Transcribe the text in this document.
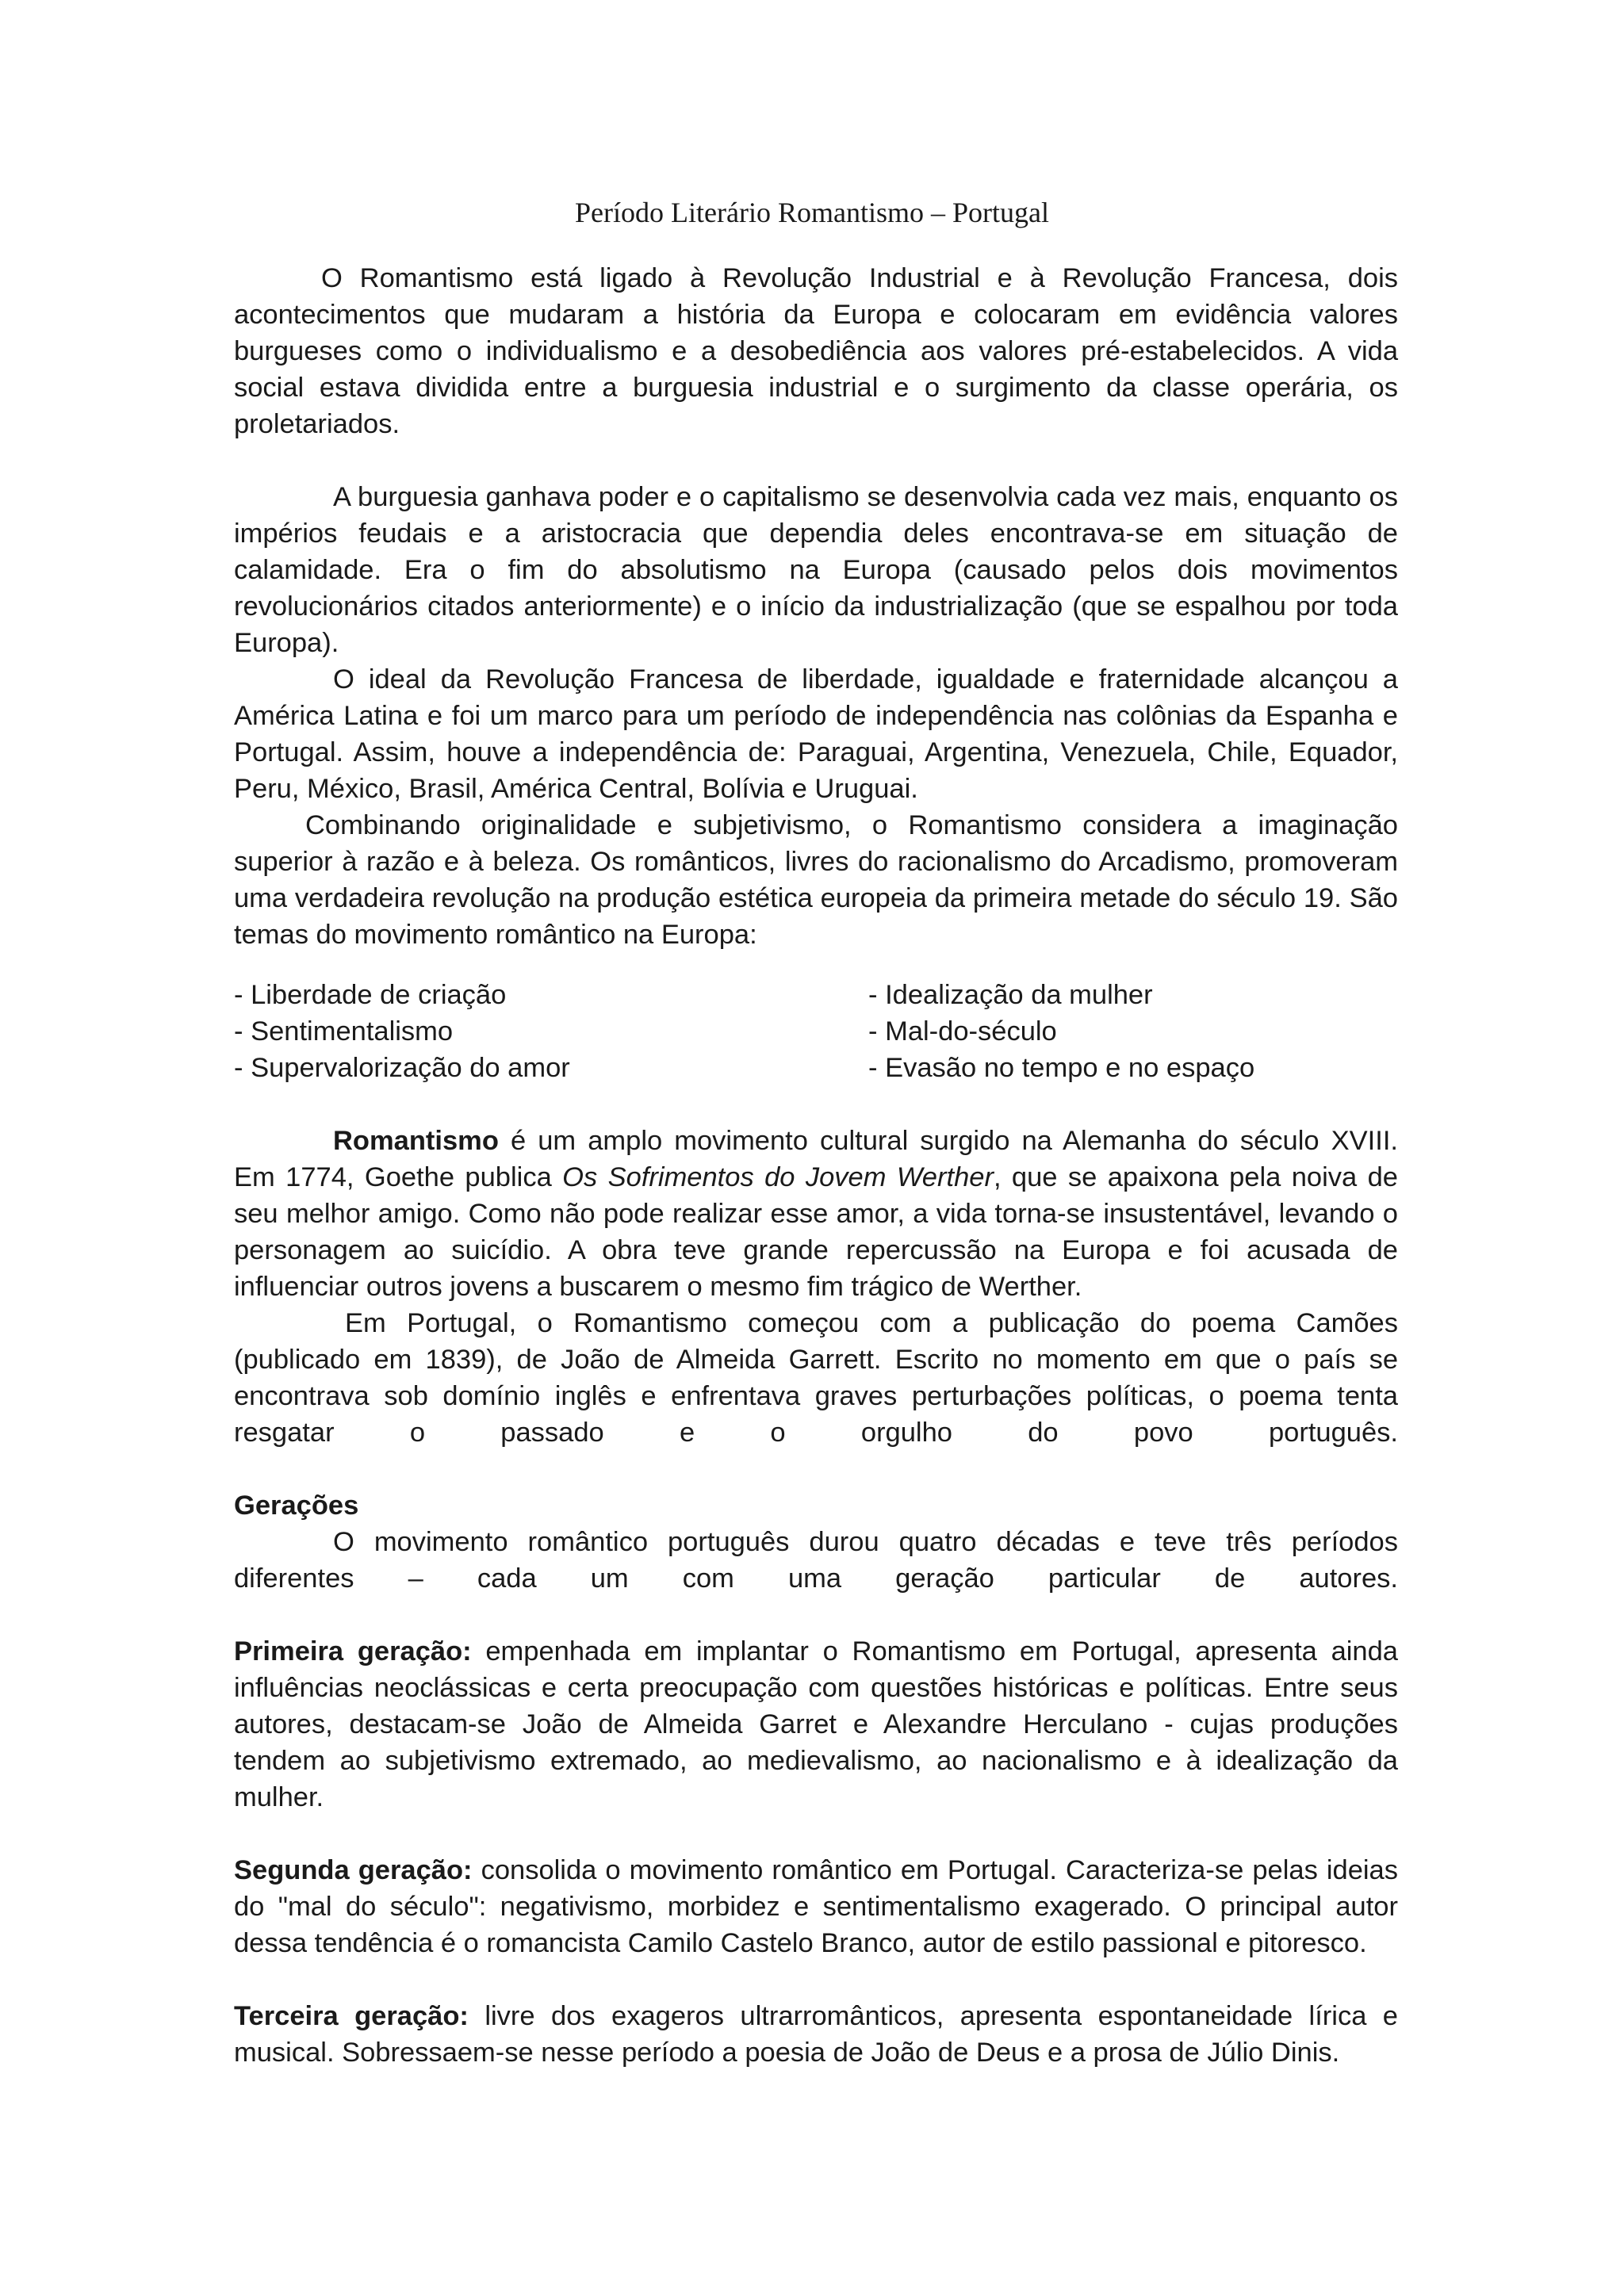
Período Literário Romantismo – Portugal

O Romantismo está ligado à Revolução Industrial e à Revolução Francesa, dois acontecimentos que mudaram a história da Europa e colocaram em evidência valores burgueses como o individualismo e a desobediência aos valores pré-estabelecidos. A vida social estava dividida entre a burguesia industrial e o surgimento da classe operária, os proletariados.

A burguesia ganhava poder e o capitalismo se desenvolvia cada vez mais, enquanto os impérios feudais e a aristocracia que dependia deles encontrava-se em situação de calamidade. Era o fim do absolutismo na Europa (causado pelos dois movimentos revolucionários citados anteriormente) e o início da industrialização (que se espalhou por toda Europa).

O ideal da Revolução Francesa de liberdade, igualdade e fraternidade alcançou a América Latina e foi um marco para um período de independência nas colônias da Espanha e Portugal. Assim, houve a independência de: Paraguai, Argentina, Venezuela, Chile, Equador, Peru, México, Brasil, América Central, Bolívia e Uruguai.

Combinando originalidade e subjetivismo, o Romantismo considera a imaginação superior à razão e à beleza. Os românticos, livres do racionalismo do Arcadismo, promoveram uma verdadeira revolução na produção estética europeia da primeira metade do século 19. São temas do movimento romântico na Europa:

- Liberdade de criação	- Idealização da mulher
- Sentimentalismo	- Mal-do-século
- Supervalorização do amor	- Evasão no tempo e no espaço

Romantismo é um amplo movimento cultural surgido na Alemanha do século XVIII. Em 1774, Goethe publica Os Sofrimentos do Jovem Werther, que se apaixona pela noiva de seu melhor amigo. Como não pode realizar esse amor, a vida torna-se insustentável, levando o personagem ao suicídio. A obra teve grande repercussão na Europa e foi acusada de influenciar outros jovens a buscarem o mesmo fim trágico de Werther.

Em Portugal, o Romantismo começou com a publicação do poema Camões (publicado em 1839), de João de Almeida Garrett. Escrito no momento em que o país se encontrava sob domínio inglês e enfrentava graves perturbações políticas, o poema tenta resgatar o passado e o orgulho do povo português.

Gerações

O movimento romântico português durou quatro décadas e teve três períodos diferentes – cada um com uma geração particular de autores.

Primeira geração: empenhada em implantar o Romantismo em Portugal, apresenta ainda influências neoclássicas e certa preocupação com questões históricas e políticas. Entre seus autores, destacam-se João de Almeida Garret e Alexandre Herculano - cujas produções tendem ao subjetivismo extremado, ao medievalismo, ao nacionalismo e à idealização da mulher.

Segunda geração: consolida o movimento romântico em Portugal. Caracteriza-se pelas ideias do "mal do século": negativismo, morbidez e sentimentalismo exagerado. O principal autor dessa tendência é o romancista Camilo Castelo Branco, autor de estilo passional e pitoresco.

Terceira geração: livre dos exageros ultrarromânticos, apresenta espontaneidade lírica e musical. Sobressaem-se nesse período a poesia de João de Deus e a prosa de Júlio Dinis.
